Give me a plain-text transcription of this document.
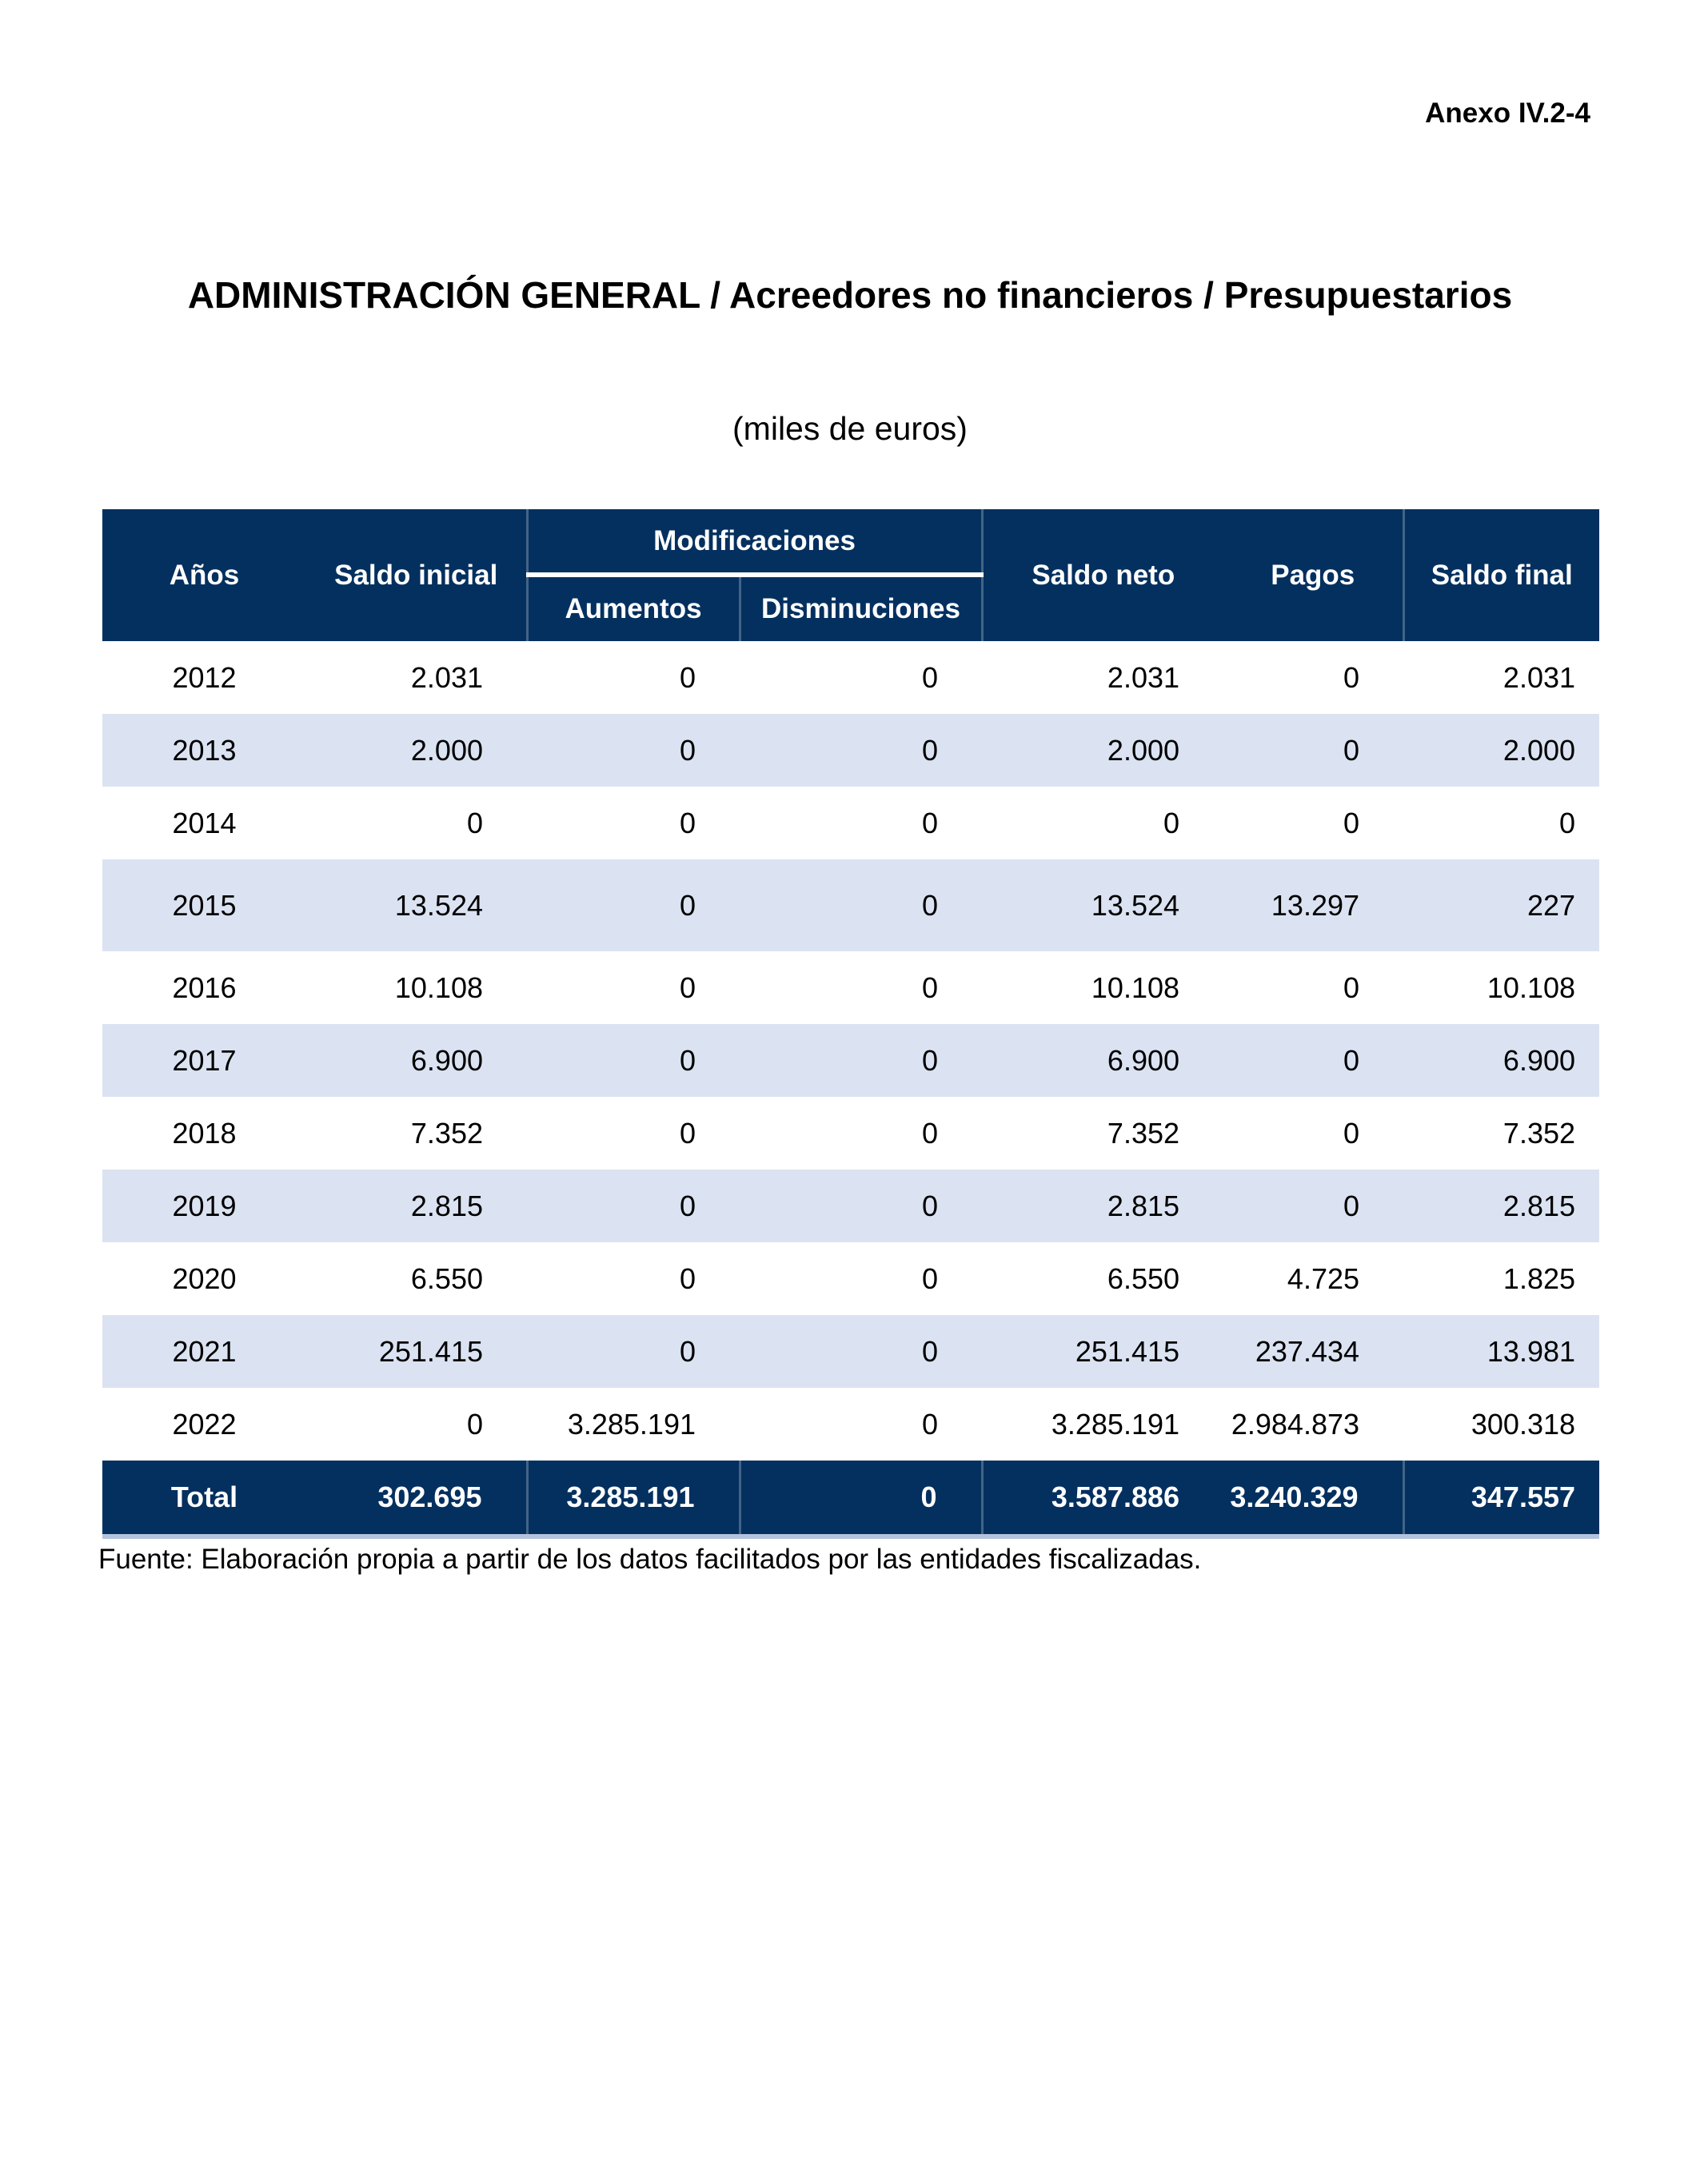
Anexo IV.2-4
ADMINISTRACIÓN GENERAL / Acreedores no financieros / Presupuestarios
(miles de euros)
Años	Saldo inicial	Modificaciones		Saldo neto	Pagos	Saldo final
		Aumentos	Disminuciones			
2012	2.031	0	0	2.031	0	2.031
2013	2.000	0	0	2.000	0	2.000
2014	0	0	0	0	0	0
2015	13.524	0	0	13.524	13.297	227
2016	10.108	0	0	10.108	0	10.108
2017	6.900	0	0	6.900	0	6.900
2018	7.352	0	0	7.352	0	7.352
2019	2.815	0	0	2.815	0	2.815
2020	6.550	0	0	6.550	4.725	1.825
2021	251.415	0	0	251.415	237.434	13.981
2022	0	3.285.191	0	3.285.191	2.984.873	300.318
Total	302.695	3.285.191	0	3.587.886	3.240.329	347.557
Fuente: Elaboración propia a partir de los datos facilitados por las entidades fiscalizadas.
